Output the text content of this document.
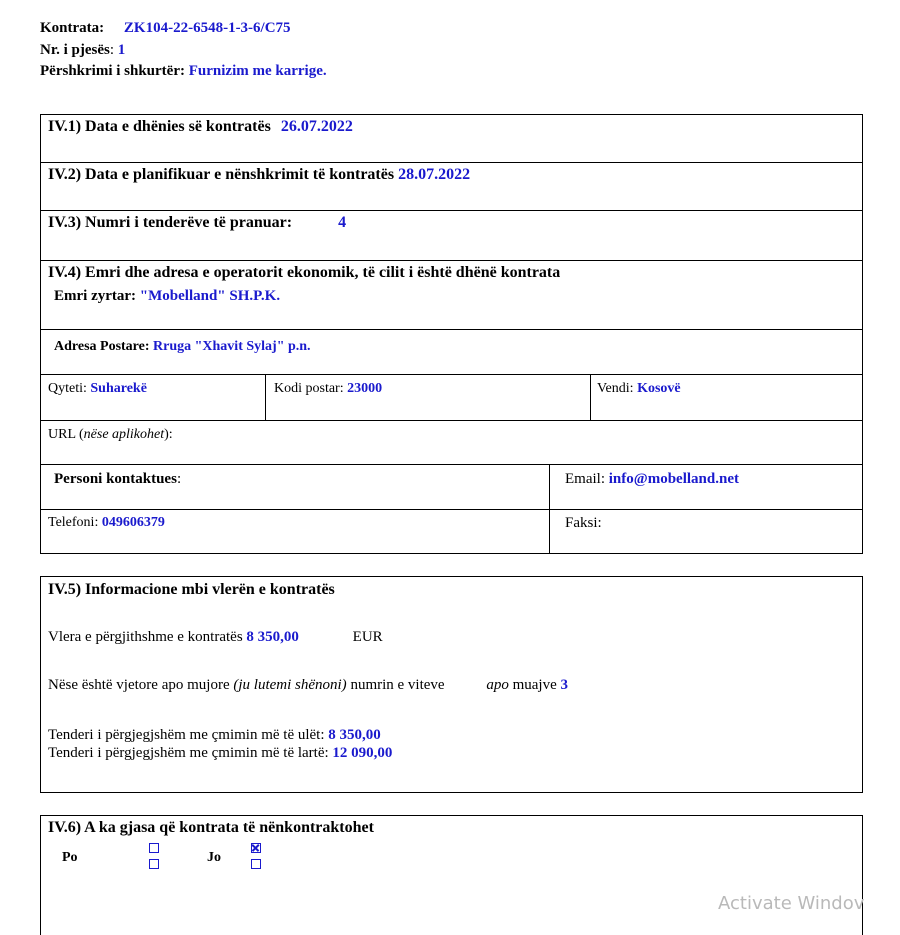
Kontrata: ZK104-22-6548-1-3-6/C75
Nr. i pjesës: 1
Përshkrimi i shkurtër: Furnizim me karrige.
IV.1) Data e dhënies së kontratës 26.07.2022
IV.2) Data e planifikuar e nënshkrimit të kontratës 28.07.2022
IV.3) Numri i tenderëve të pranuar:	4
IV.4) Emri dhe adresa e operatorit ekonomik, të cilit i është dhënë kontrata
Emri zyrtar: "Mobelland" SH.P.K.
Adresa Postare: Rruga "Xhavit Sylaj" p.n.
Qyteti: Suharekë	Kodi postar: 23000	Vendi: Kosovë
URL (nëse aplikohet):
Personi kontaktues:	Email: info@mobelland.net
Telefoni: 049606379	Faksi:
IV.5) Informacione mbi vlerën e kontratës
Vlera e përgjithshme e kontratës 8 350,00	EUR
Nëse është vjetore apo mujore (ju lutemi shënoni) numrin e viteve	apo muajve 3
Tenderi i përgjegjshëm me çmimin më të ulët: 8 350,00
Tenderi i përgjegjshëm me çmimin më të lartë: 12 090,00
IV.6) A ka gjasa që kontrata të nënkontraktohet
Po	Jo
Activate Windov
